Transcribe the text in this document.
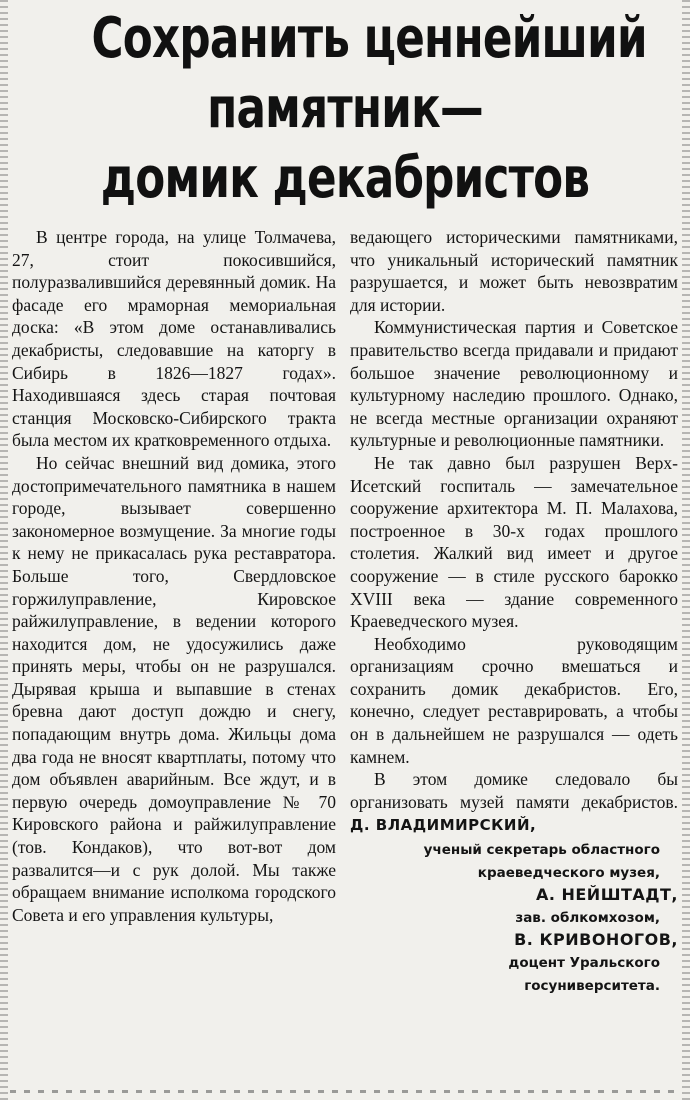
Сохранить ценнейший
памятник—
домик декабристов

В центре города, на улице Толмачева, 27, стоит покосившийся, полуразвалившийся деревянный домик. На фасаде его мраморная мемориальная доска: «В этом доме останавливались декабристы, следовавшие на каторгу в Сибирь в 1826—1827 годах». Находившаяся здесь старая почтовая станция Московско-Сибирского тракта была местом их кратковременного отдыха.

Но сейчас внешний вид домика, этого достопримечательного памятника в нашем городе, вызывает совершенно закономерное возмущение. За многие годы к нему не прикасалась рука реставратора. Больше того, Свердловское горжилуправление, Кировское райжилуправление, в ведении которого находится дом, не удосужились даже принять меры, чтобы он не разрушался. Дырявая крыша и выпавшие в стенах бревна дают доступ дождю и снегу, попадающим внутрь дома. Жильцы дома два года не вносят квартплаты, потому что дом объявлен аварийным. Все ждут, и в первую очередь домоуправление № 70 Кировского района и райжилуправление (тов. Кондаков), что вот-вот дом развалится—и с рук долой. Мы также обращаем внимание исполкома городского Совета и его управления культуры,

ведающего историческими памятниками, что уникальный исторический памятник разрушается, и может быть невозвратим для истории.

Коммунистическая партия и Советское правительство всегда придавали и придают большое значение революционному и культурному наследию прошлого. Однако, не всегда местные организации охраняют культурные и революционные памятники.

Не так давно был разрушен Верх-Исетский госпиталь — замечательное сооружение архитектора М. П. Малахова, построенное в 30-х годах прошлого столетия. Жалкий вид имеет и другое сооружение — в стиле русского барокко XVIII века — здание современного Краеведческого музея.

Необходимо руководящим организациям срочно вмешаться и сохранить домик декабристов. Его, конечно, следует реставрировать, а чтобы он в дальнейшем не разрушался — одеть камнем.

В этом домике следовало бы организовать музей памяти декабристов. Д. ВЛАДИМИРСКИЙ,

ученый секретарь областного
краеведческого музея,
А. НЕЙШТАДТ,
зав. облкомхозом,
В. КРИВОНОГОВ,
доцент Уральского
госуниверситета.
